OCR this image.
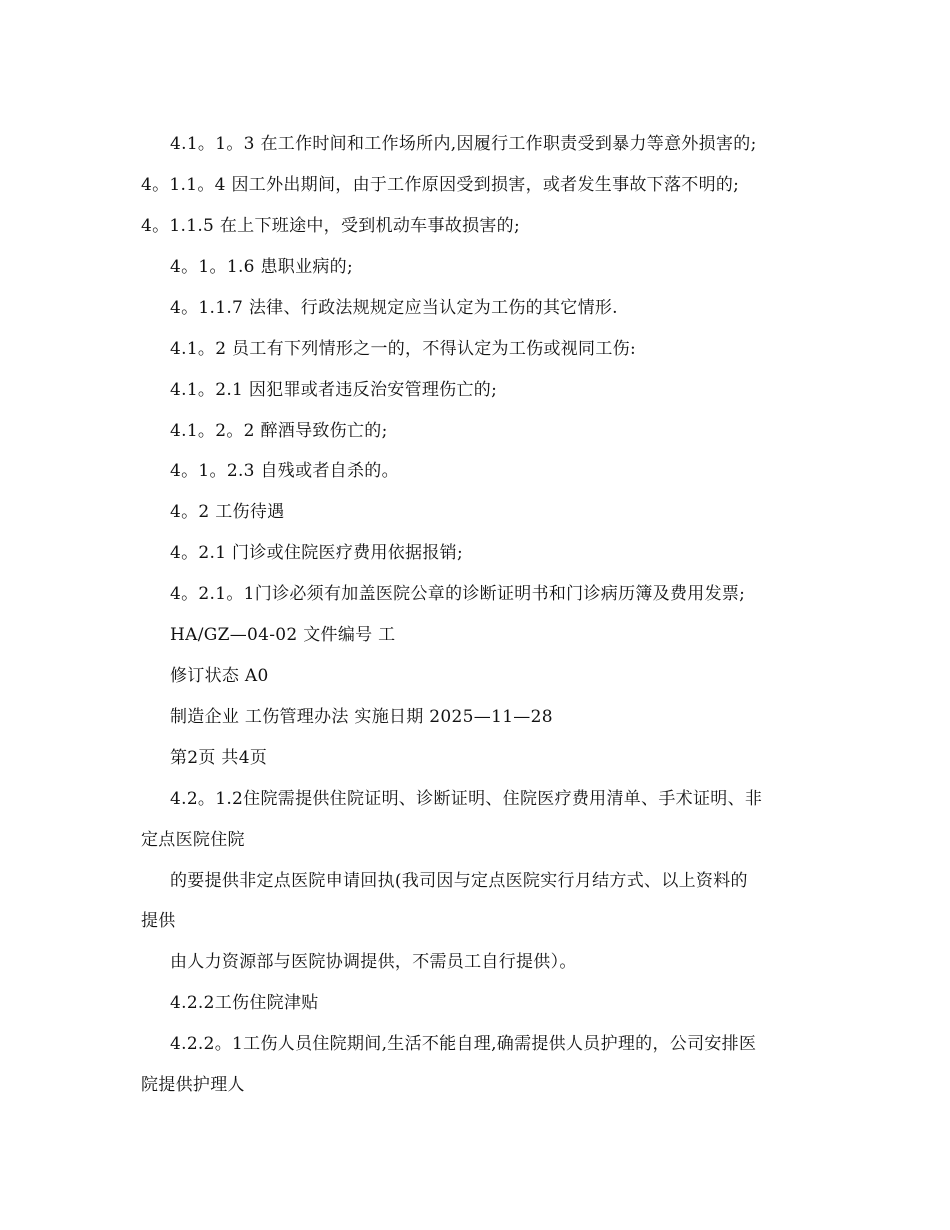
4.1。1。3 在工作时间和工作场所内,因履行工作职责受到暴力等意外损害的;
4。1.1。4 因工外出期间，由于工作原因受到损害，或者发生事故下落不明的;
4。1.1.5 在上下班途中，受到机动车事故损害的;
4。1。1.6 患职业病的;
4。1.1.7 法律、行政法规规定应当认定为工伤的其它情形.
4.1。2 员工有下列情形之一的，不得认定为工伤或视同工伤:
4.1。2.1 因犯罪或者违反治安管理伤亡的;
4.1。2。2 醉酒导致伤亡的;
4。1。2.3 自残或者自杀的。
4。2 工伤待遇
4。2.1 门诊或住院医疗费用依据报销;
4。2.1。1门诊必须有加盖医院公章的诊断证明书和门诊病历簿及费用发票;
HA/GZ—04-02 文件编号 工
修订状态 A0
制造企业 工伤管理办法 实施日期 2025—11—28
第2页 共4页
4.2。1.2住院需提供住院证明、诊断证明、住院医疗费用清单、手术证明、非
定点医院住院
的要提供非定点医院申请回执(我司因与定点医院实行月结方式、以上资料的
提供
由人力资源部与医院协调提供，不需员工自行提供）。
4.2.2工伤住院津贴
4.2.2。1工伤人员住院期间,生活不能自理,确需提供人员护理的，公司安排医
院提供护理人
